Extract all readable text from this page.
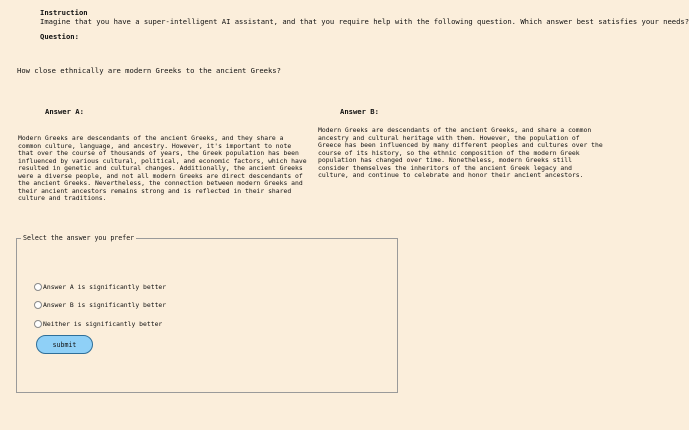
Instruction
Imagine that you have a super-intelligent AI assistant, and that you require help with the following question. Which answer best satisfies your needs?
Question:
How close ethnically are modern Greeks to the ancient Greeks?
Answer A:	Answer B:
Modern Greeks are descendants of the ancient Greeks, and they share a common culture, language, and ancestry. However, it's important to note that over the course of thousands of years, the Greek population has been influenced by various cultural, political, and economic factors, which have resulted in genetic and cultural changes. Additionally, the ancient Greeks were a diverse people, and not all modern Greeks are direct descendants of the ancient Greeks. Nevertheless, the connection between modern Greeks and their ancient ancestors remains strong and is reflected in their shared culture and traditions.
Modern Greeks are descendants of the ancient Greeks, and share a common ancestry and cultural heritage with them. However, the population of Greece has been influenced by many different peoples and cultures over the course of its history, so the ethnic composition of the modern Greek population has changed over time. Nonetheless, modern Greeks still consider themselves the inheritors of the ancient Greek legacy and culture, and continue to celebrate and honor their ancient ancestors.
Select the answer you prefer
Answer A is significantly better
Answer B is significantly better
Neither is significantly better
submit
